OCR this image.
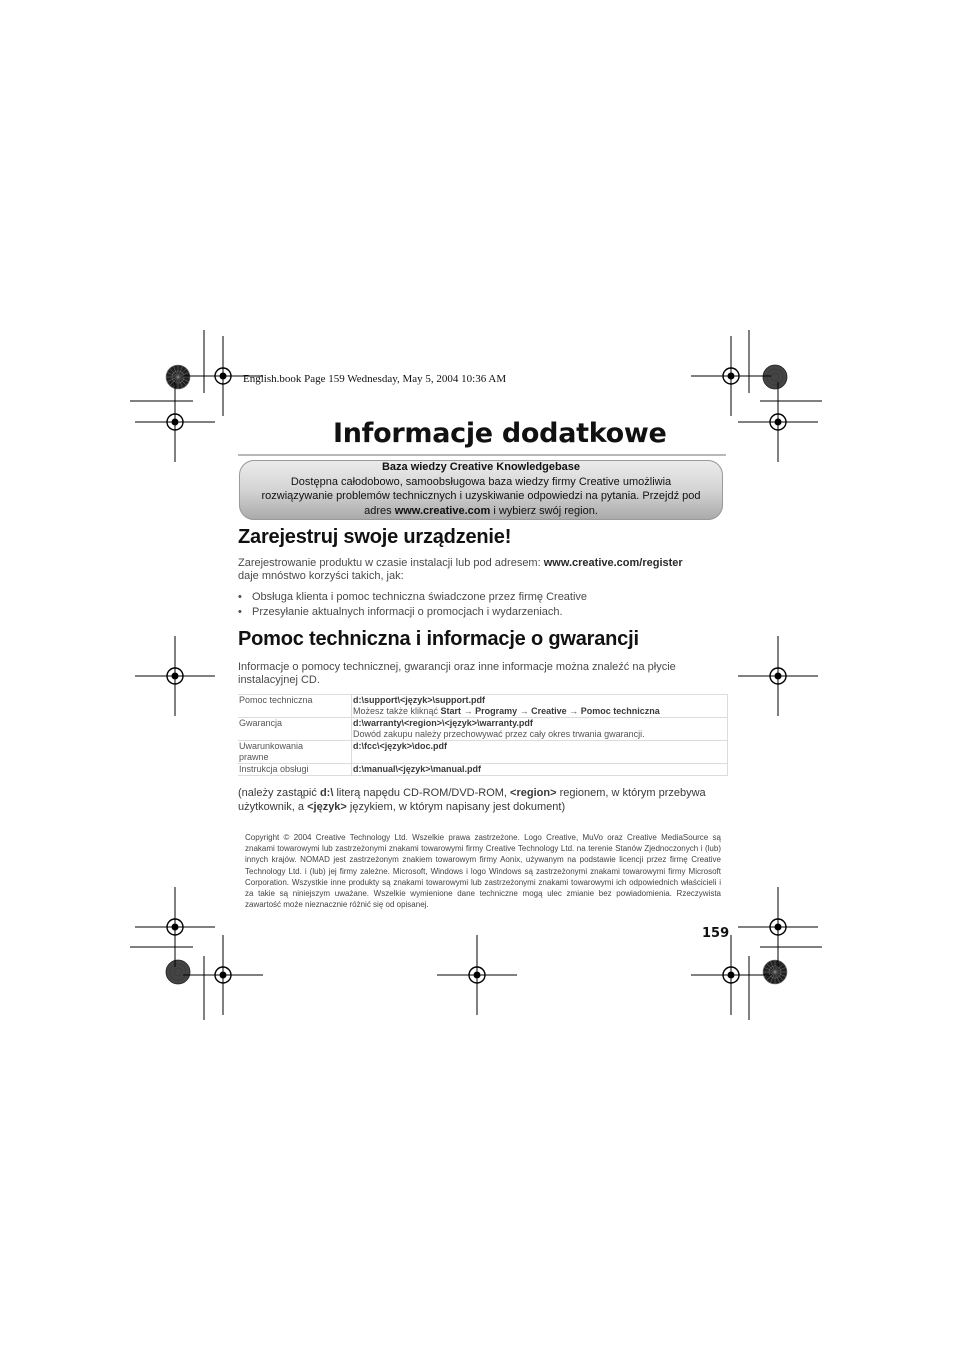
English.book Page 159 Wednesday, May 5, 2004 10:36 AM
Informacje dodatkowe
Baza wiedzy Creative Knowledgebase
Dostępna całodobowo, samoobsługowa baza wiedzy firmy Creative umożliwia
rozwiązywanie problemów technicznych i uzyskiwanie odpowiedzi na pytania. Przejdź pod
adres www.creative.com i wybierz swój region.
Zarejestruj swoje urządzenie!
Zarejestrowanie produktu w czasie instalacji lub pod adresem: www.creative.com/register
daje mnóstwo korzyści takich, jak:
• Obsługa klienta i pomoc techniczna świadczone przez firmę Creative
• Przesyłanie aktualnych informacji o promocjach i wydarzeniach.
Pomoc techniczna i informacje o gwarancji
Informacje o pomocy technicznej, gwarancji oraz inne informacje można znaleźć na płycie instalacyjnej CD.
Pomoc techniczna	d:\support\<język>\support.pdf
Możesz także kliknąć Start → Programy → Creative → Pomoc techniczna

Gwarancja	d:\warranty\<region>\<język>\warranty.pdf
Dowód zakupu należy przechowywać przez cały okres trwania gwarancji.

Uwarunkowania
prawne	d:\fcc\<język>\doc.pdf

Instrukcja obsługi	d:\manual\<język>\manual.pdf
(należy zastąpić d:\ literą napędu CD-ROM/DVD-ROM, <region> regionem, w którym przebywa użytkownik, a <język> językiem, w którym napisany jest dokument)
Copyright © 2004 Creative Technology Ltd. Wszelkie prawa zastrzeżone. Logo Creative, MuVo oraz Creative MediaSource są znakami towarowymi lub zastrzeżonymi znakami towarowymi firmy Creative Technology Ltd. na terenie Stanów Zjednoczonych i (lub) innych krajów. NOMAD jest zastrzeżonym znakiem towarowym firmy Aonix, używanym na podstawie licencji przez firmę Creative Technology Ltd. i (lub) jej firmy zależne. Microsoft, Windows i logo Windows są zastrzeżonymi znakami towarowymi firmy Microsoft Corporation. Wszystkie inne produkty są znakami towarowymi lub zastrzeżonymi znakami towarowymi ich odpowiednich właścicieli i za takie są niniejszym uważane. Wszelkie wymienione dane techniczne mogą ulec zmianie bez powiadomienia. Rzeczywista zawartość może nieznacznie różnić się od opisanej.
159
